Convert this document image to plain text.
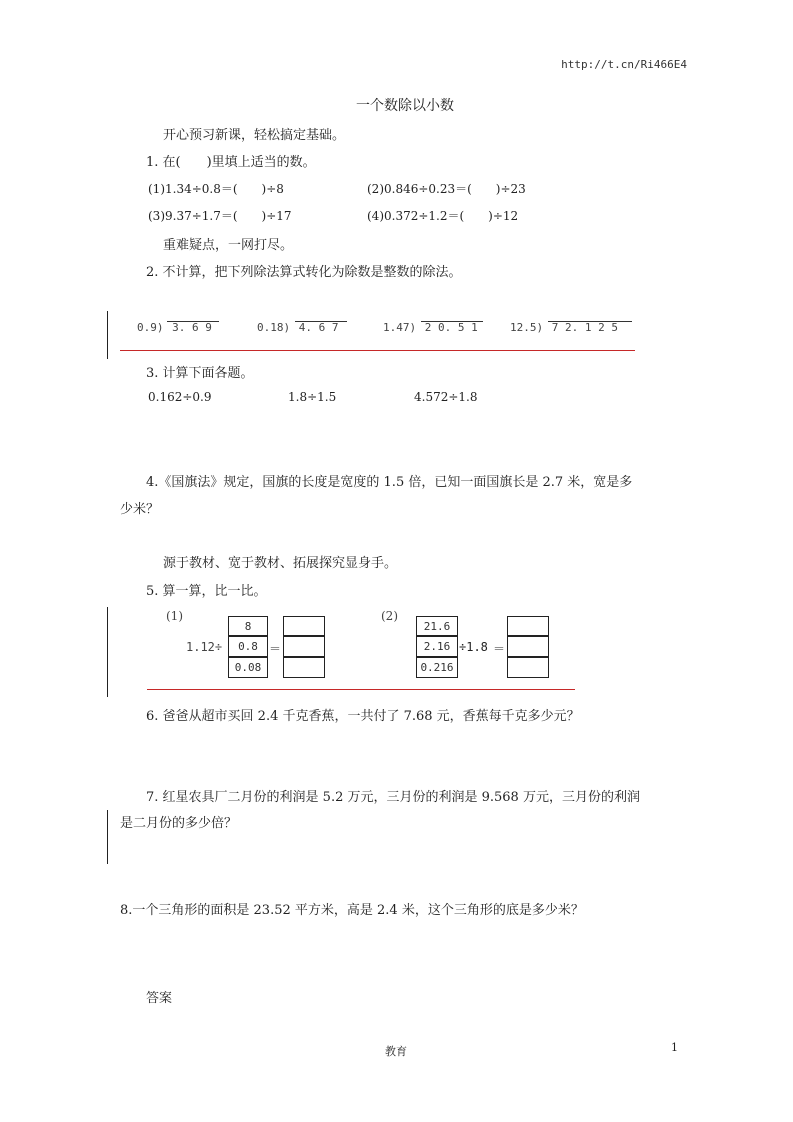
http://t.cn/Ri466E4
一个数除以小数
开心预习新课，轻松搞定基础。
1. 在(　　)里填上适当的数。
(1)1.34÷0.8＝(　　)÷8	(2)0.846÷0.23＝(　　)÷23
(3)9.37÷1.7＝(　　)÷17	(4)0.372÷1.2＝(　　)÷12
重难疑点，一网打尽。
2. 不计算，把下列除法算式转化为除数是整数的除法。
0.9) 3. 6 9	0.18) 4. 6 7	1.47) 2 0. 5 1	12.5) 7 2. 1 2 5
3. 计算下面各题。
0.162÷0.9	1.8÷1.5	4.572÷1.8
4.《国旗法》规定，国旗的长度是宽度的 1.5 倍，已知一面国旗长是 2.7 米，宽是多
少米？
源于教材、宽于教材、拓展探究显身手。
5. 算一算，比一比。
(1)
1.12÷
8
0.8
0.08
＝
(2)
21.6
2.16
0.216
÷1.8 ＝
6. 爸爸从超市买回 2.4 千克香蕉，一共付了 7.68 元，香蕉每千克多少元？
7. 红星农具厂二月份的利润是 5.2 万元，三月份的利润是 9.568 万元，三月份的利润
是二月份的多少倍？
8.一个三角形的面积是 23.52 平方米，高是 2.4 米，这个三角形的底是多少米？
答案
教育	1
